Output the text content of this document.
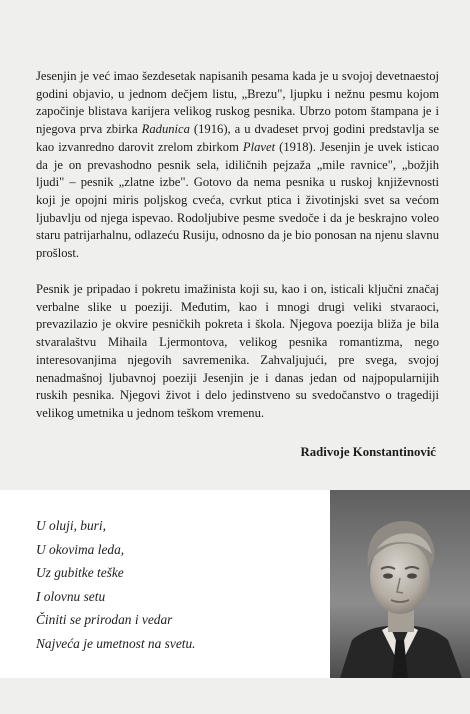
Jesenjin je već imao šezdesetak napisanih pesama kada je u svojoj devetnaestoj godini objavio, u jednom dečjem listu, „Brezu", ljupku i nežnu pesmu kojom započinje blistava karijera velikog ruskog pesnika. Ubrzo potom štampana je i njegova prva zbirka Radunica (1916), a u dvadeset prvoj godini predstavlja se kao izvanredno darovit zrelom zbirkom Plavet (1918). Jesenjin je uvek isticao da je on prevashodno pesnik sela, idiličnih pejzaža „mile ravnice", „božjih ljudi" – pesnik „zlatne izbe". Gotovo da nema pesnika u ruskoj književnosti koji je opojni miris poljskog cveća, cvrkut ptica i životinjski svet sa većom ljubavlju od njega ispevao. Rodoljubive pesme svedoče i da je beskrajno voleo staru patrijarhalnu, odlazeću Rusiju, odnosno da je bio ponosan na njenu slavnu prošlost.

Pesnik je pripadao i pokretu imažinista koji su, kao i on, isticali ključni značaj verbalne slike u poeziji. Međutim, kao i mnogi drugi veliki stvaraoci, prevazilazio je okvire pesničkih pokreta i škola. Njegova poezija bliža je bila stvaralaštvu Mihaila Ljermontova, velikog pesnika romantizma, nego interesovanjima njegovih savremenika. Zahvaljujući, pre svega, svojoj nenadmašnoj ljubavnoj poeziji Jesenjin je i danas jedan od najpopularnijih ruskih pesnika. Njegovi život i delo jedinstveno su svedočanstvo o tragediji velikog umetnika u jednom teškom vremenu.

Radivoje Konstantinović

U oluji, buri,
U okovima leda,
Uz gubitke teške
I olovnu setu
Činiti se prirodan i vedar
Najveća je umetnost na svetu.
